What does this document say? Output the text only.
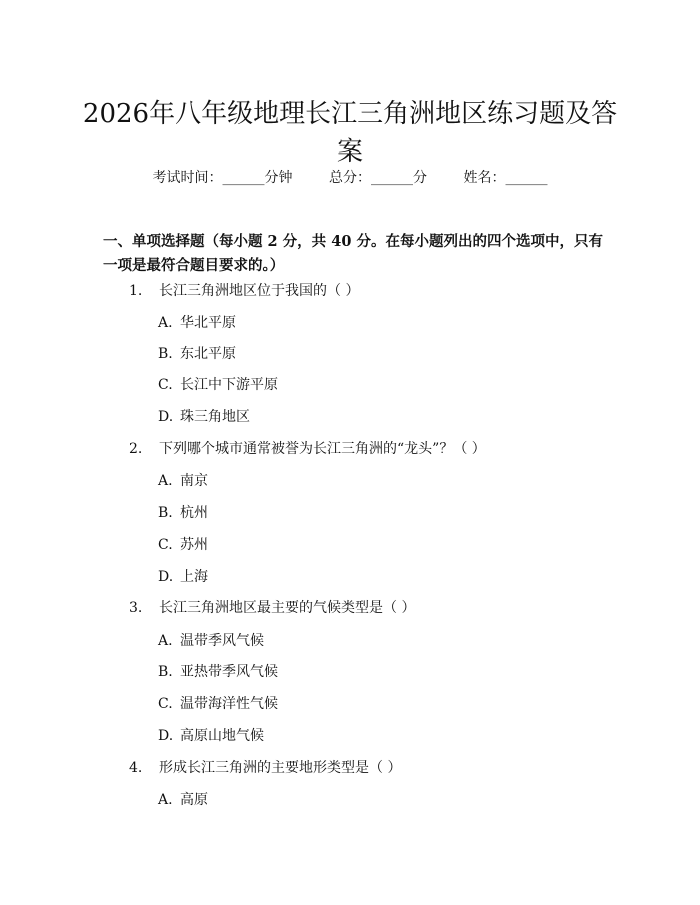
2026年八年级地理长江三角洲地区练习题及答案
考试时间：______分钟	总分：______分	姓名：______
一、单项选择题（每小题 2 分，共 40 分。在每小题列出的四个选项中，只有一项是最符合题目要求的。）
1. 长江三角洲地区位于我国的（ ）
A. 华北平原
B. 东北平原
C. 长江中下游平原
D. 珠三角地区
2. 下列哪个城市通常被誉为长江三角洲的“龙头”？（ ）
A. 南京
B. 杭州
C. 苏州
D. 上海
3. 长江三角洲地区最主要的气候类型是（ ）
A. 温带季风气候
B. 亚热带季风气候
C. 温带海洋性气候
D. 高原山地气候
4. 形成长江三角洲的主要地形类型是（ ）
A. 高原
